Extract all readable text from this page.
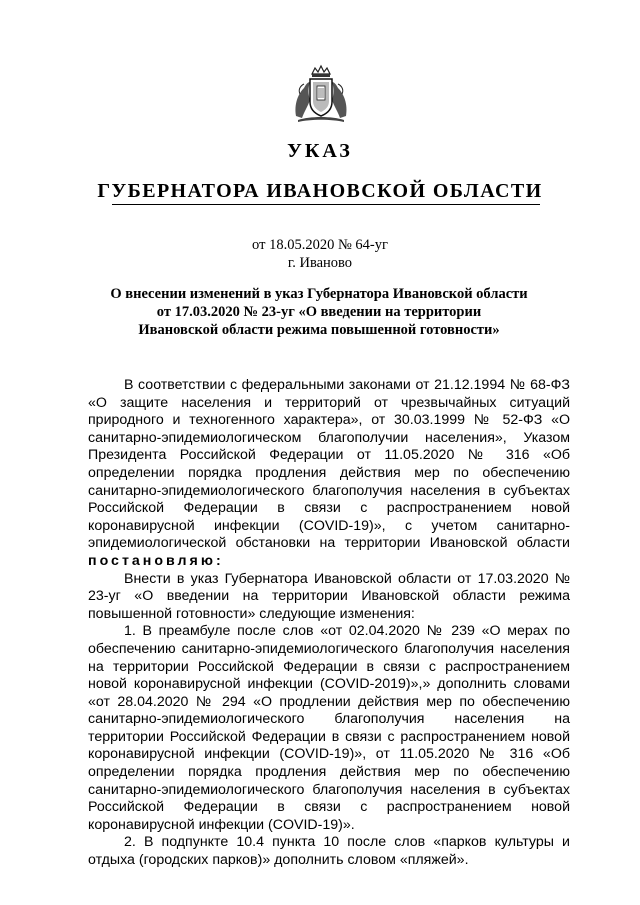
УКАЗ
ГУБЕРНАТОРА ИВАНОВСКОЙ ОБЛАСТИ
от 18.05.2020 № 64-уг
г. Иваново
О внесении изменений в указ Губернатора Ивановской области
от 17.03.2020 № 23-уг «О введении на территории
Ивановской области режима повышенной готовности»

В соответствии с федеральными законами от 21.12.1994 № 68-ФЗ «О защите населения и территорий от чрезвычайных ситуаций природного и техногенного характера», от 30.03.1999 № 52-ФЗ «О санитарно-эпидемиологическом благополучии населения», Указом Президента Российской Федерации от 11.05.2020 № 316 «Об определении порядка продления действия мер по обеспечению санитарно-эпидемиологического благополучия населения в субъектах Российской Федерации в связи с распространением новой коронавирусной инфекции (COVID-19)», с учетом санитарно-эпидемиологической обстановки на территории Ивановской области постановляю:

Внести в указ Губернатора Ивановской области от 17.03.2020 № 23-уг «О введении на территории Ивановской области режима повышенной готовности» следующие изменения:

1. В преамбуле после слов «от 02.04.2020 № 239 «О мерах по обеспечению санитарно-эпидемиологического благополучия населения на территории Российской Федерации в связи с распространением новой коронавирусной инфекции (COVID-2019)»,» дополнить словами «от 28.04.2020 № 294 «О продлении действия мер по обеспечению санитарно-эпидемиологического благополучия населения на территории Российской Федерации в связи с распространением новой коронавирусной инфекции (COVID-19)», от 11.05.2020 № 316 «Об определении порядка продления действия мер по обеспечению санитарно-эпидемиологического благополучия населения в субъектах Российской Федерации в связи с распространением новой коронавирусной инфекции (COVID-19)».

2. В подпункте 10.4 пункта 10 после слов «парков культуры и отдыха (городских парков)» дополнить словом «пляжей».
